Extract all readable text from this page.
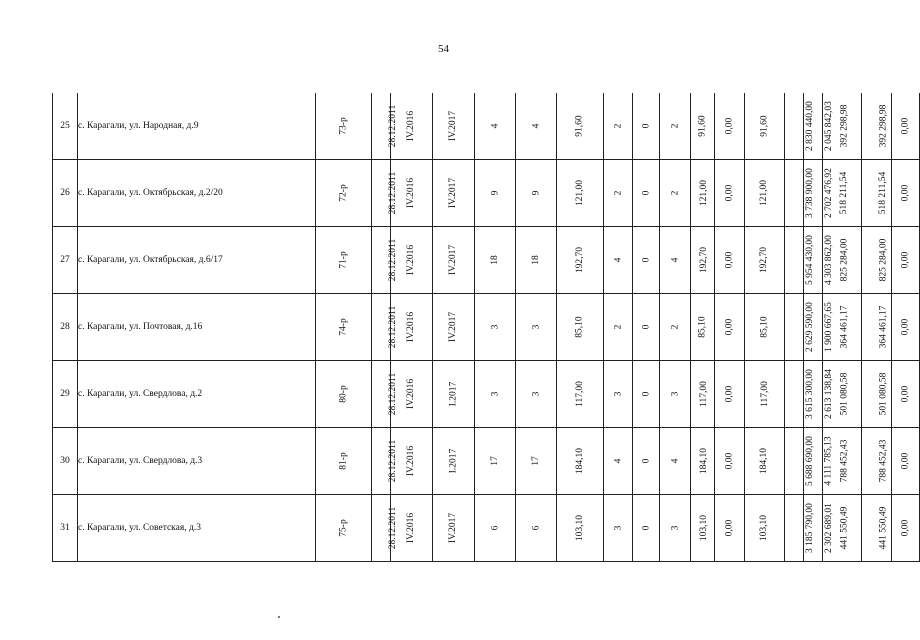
54
25	с. Карагали, ул. Народная, д.9	73-р	28.12.2011	IV.2016	IV.2017	4	4	91,60	2	0	2	91,60	0,00	91,60	2 830 440,00	2 045 842,03	392 298,98	392 298,98	0,00
26	с. Карагали, ул. Октябрьская, д.2/20	72-р	28.12.2011	IV.2016	IV.2017	9	9	121,00	2	0	2	121,00	0,00	121,00	3 738 900,00	2 702 476,92	518 211,54	518 211,54	0,00
27	с. Карагали, ул. Октябрьская, д.6/17	71-р	28.12.2011	IV.2016	IV.2017	18	18	192,70	4	0	4	192,70	0,00	192,70	5 954 430,00	4 303 862,00	825 284,00	825 284,00	0,00
28	с. Карагали, ул. Почтовая, д.16	74-р	28.12.2011	IV.2016	IV.2017	3	3	85,10	2	0	2	85,10	0,00	85,10	2 629 590,00	1 900 667,65	364 461,17	364 461,17	0,00
29	с. Карагали, ул. Свердлова, д.2	80-р	28.12.2011	IV.2016	I.2017	3	3	117,00	3	0	3	117,00	0,00	117,00	3 615 300,00	2 613 138,84	501 080,58	501 080,58	0,00
30	с. Карагали, ул. Свердлова, д.3	81-р	28.12.2011	IV.2016	I.2017	17	17	184,10	4	0	4	184,10	0,00	184,10	5 688 690,00	4 111 785,13	788 452,43	788 452,43	0,00
31	с. Карагали, ул. Советская, д.3	75-р	28.12.2011	IV.2016	IV.2017	6	6	103,10	3	0	3	103,10	0,00	103,10	3 185 790,00	2 302 689,01	441 550,49	441 550,49	0,00
